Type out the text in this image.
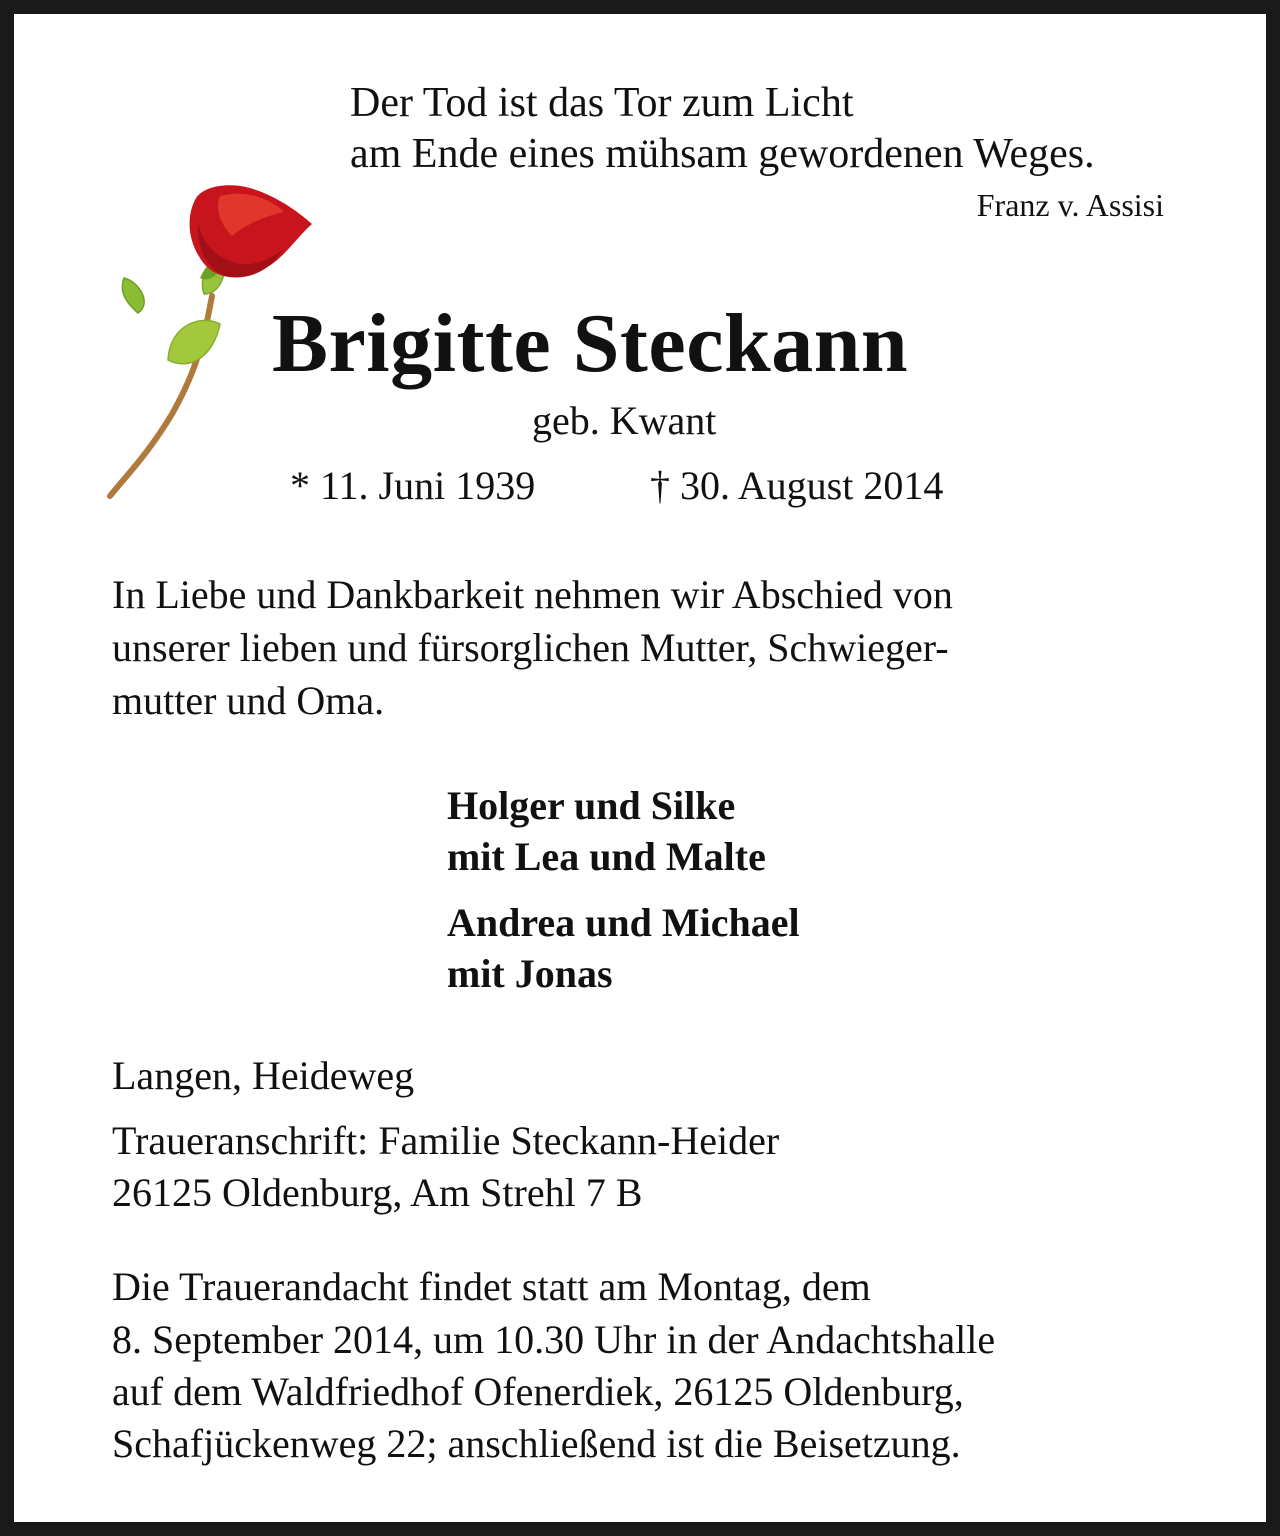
Der Tod ist das Tor zum Licht
am Ende eines mühsam gewordenen Weges.
Franz v. Assisi
Brigitte Steckann
geb. Kwant
* 11. Juni 1939	† 30. August 2014
In Liebe und Dankbarkeit nehmen wir Abschied von
unserer lieben und fürsorglichen Mutter, Schwieger-
mutter und Oma.
Holger und Silke
mit Lea und Malte
Andrea und Michael
mit Jonas
Langen, Heideweg
Traueranschrift: Familie Steckann-Heider
26125 Oldenburg, Am Strehl 7 B
Die Trauerandacht findet statt am Montag, dem
8. September 2014, um 10.30 Uhr in der Andachtshalle
auf dem Waldfriedhof Ofenerdiek, 26125 Oldenburg,
Schafjückenweg 22; anschließend ist die Beisetzung.
